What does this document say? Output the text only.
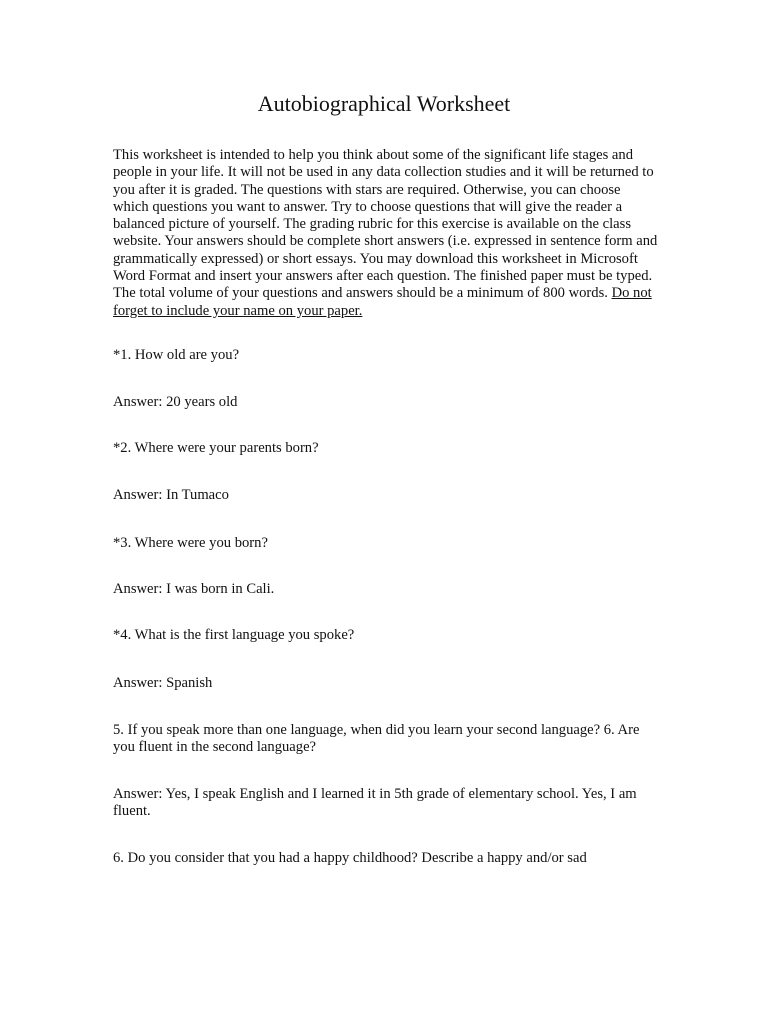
Autobiographical Worksheet

This worksheet is intended to help you think about some of the significant life stages and people in your life. It will not be used in any data collection studies and it will be returned to you after it is graded. The questions with stars are required. Otherwise, you can choose which questions you want to answer. Try to choose questions that will give the reader a balanced picture of yourself. The grading rubric for this exercise is available on the class website. Your answers should be complete short answers (i.e. expressed in sentence form and grammatically expressed) or short essays. You may download this worksheet in Microsoft Word Format and insert your answers after each question. The finished paper must be typed. The total volume of your questions and answers should be a minimum of 800 words. Do not forget to include your name on your paper.

*1. How old are you?

Answer: 20 years old

*2. Where were your parents born?

Answer: In Tumaco

*3. Where were you born?

Answer: I was born in Cali.

*4. What is the first language you spoke?

Answer: Spanish

5. If you speak more than one language, when did you learn your second language? 6. Are you fluent in the second language?

Answer: Yes, I speak English and I learned it in 5th grade of elementary school. Yes, I am fluent.

6. Do you consider that you had a happy childhood? Describe a happy and/or sad
